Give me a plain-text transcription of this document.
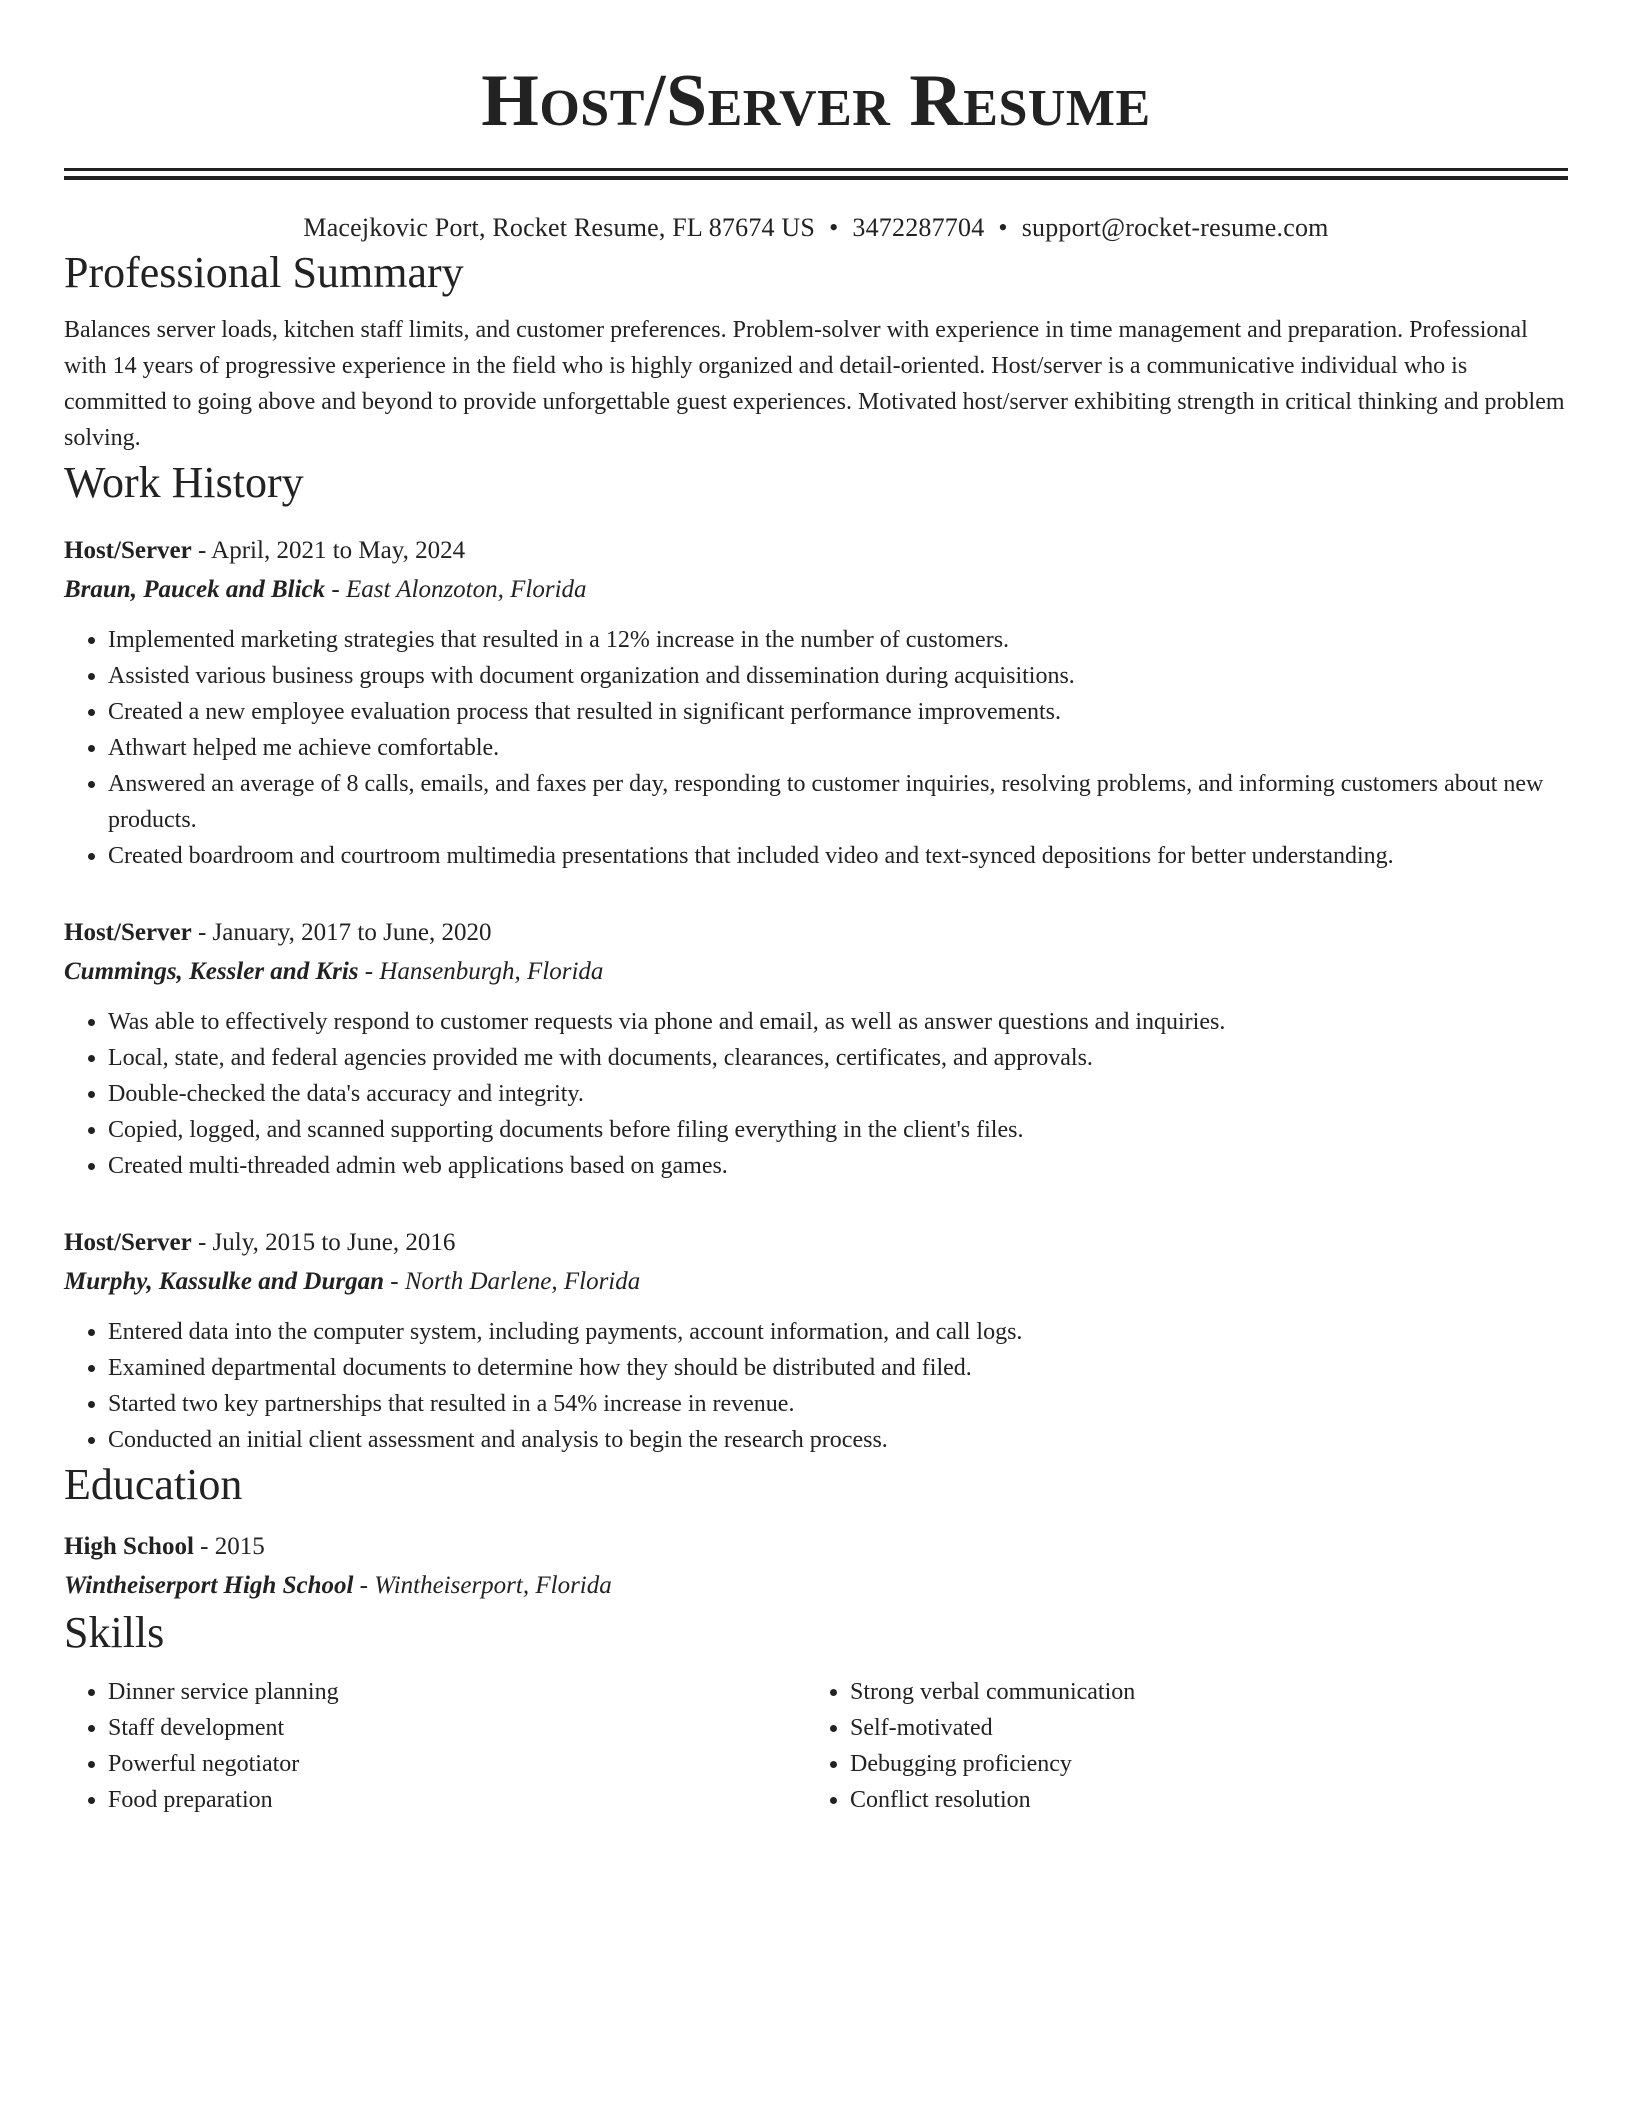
Host/Server Resume
Macejkovic Port, Rocket Resume, FL 87674 US • 3472287704 • support@rocket-resume.com
Professional Summary
Balances server loads, kitchen staff limits, and customer preferences. Problem-solver with experience in time management and preparation. Professional with 14 years of progressive experience in the field who is highly organized and detail-oriented. Host/server is a communicative individual who is committed to going above and beyond to provide unforgettable guest experiences. Motivated host/server exhibiting strength in critical thinking and problem solving.
Work History
Host/Server - April, 2021 to May, 2024
Braun, Paucek and Blick - East Alonzoton, Florida
• Implemented marketing strategies that resulted in a 12% increase in the number of customers.
• Assisted various business groups with document organization and dissemination during acquisitions.
• Created a new employee evaluation process that resulted in significant performance improvements.
• Athwart helped me achieve comfortable.
• Answered an average of 8 calls, emails, and faxes per day, responding to customer inquiries, resolving problems, and informing customers about new products.
• Created boardroom and courtroom multimedia presentations that included video and text-synced depositions for better understanding.
Host/Server - January, 2017 to June, 2020
Cummings, Kessler and Kris - Hansenburgh, Florida
• Was able to effectively respond to customer requests via phone and email, as well as answer questions and inquiries.
• Local, state, and federal agencies provided me with documents, clearances, certificates, and approvals.
• Double-checked the data's accuracy and integrity.
• Copied, logged, and scanned supporting documents before filing everything in the client's files.
• Created multi-threaded admin web applications based on games.
Host/Server - July, 2015 to June, 2016
Murphy, Kassulke and Durgan - North Darlene, Florida
• Entered data into the computer system, including payments, account information, and call logs.
• Examined departmental documents to determine how they should be distributed and filed.
• Started two key partnerships that resulted in a 54% increase in revenue.
• Conducted an initial client assessment and analysis to begin the research process.
Education
High School - 2015
Wintheiserport High School - Wintheiserport, Florida
Skills
• Dinner service planning
• Staff development
• Powerful negotiator
• Food preparation
• Strong verbal communication
• Self-motivated
• Debugging proficiency
• Conflict resolution
